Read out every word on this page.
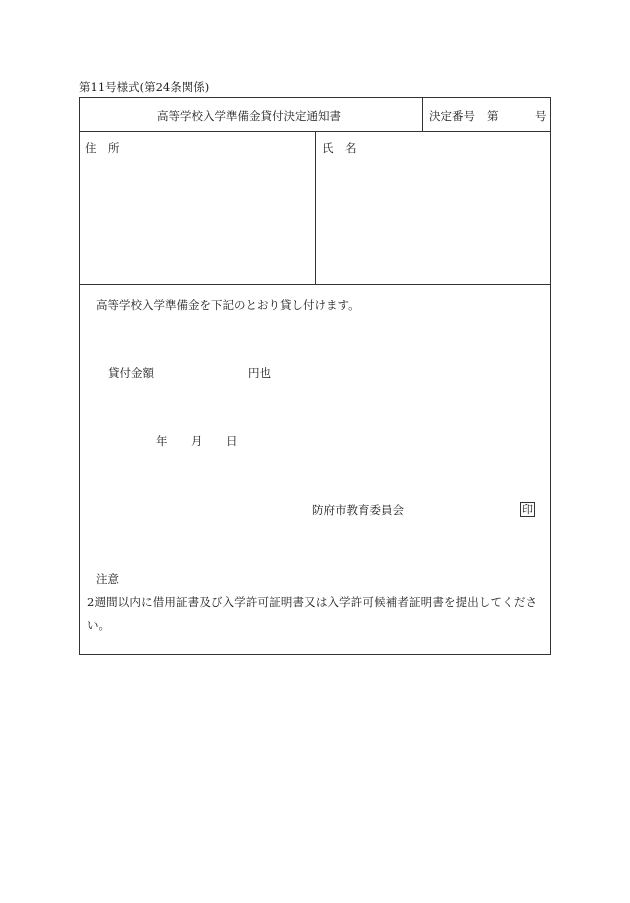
第11号様式(第24条関係)
高等学校入学準備金貸付決定通知書	決定番号 第	号
住　所	氏　名
高等学校入学準備金を下記のとおり貸し付けます。
貸付金額	円也
年 月 日
防府市教育委員会	印
注意
2週間以内に借用証書及び入学許可証明書又は入学許可候補者証明書を提出してくださ
い。
